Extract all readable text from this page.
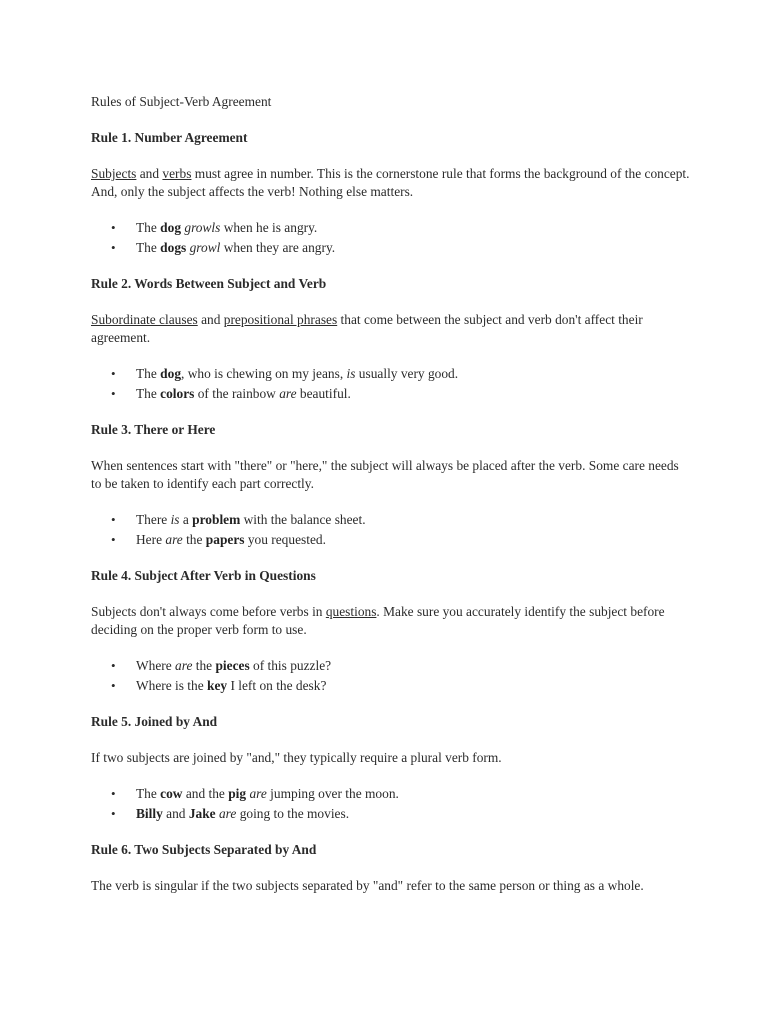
Rules of Subject-Verb Agreement
Rule 1. Number Agreement
Subjects and verbs must agree in number. This is the cornerstone rule that forms the background of the concept. And, only the subject affects the verb! Nothing else matters.
• The dog growls when he is angry.
• The dogs growl when they are angry.
Rule 2. Words Between Subject and Verb
Subordinate clauses and prepositional phrases that come between the subject and verb don't affect their agreement.
• The dog, who is chewing on my jeans, is usually very good.
• The colors of the rainbow are beautiful.
Rule 3. There or Here
When sentences start with "there" or "here," the subject will always be placed after the verb. Some care needs to be taken to identify each part correctly.
• There is a problem with the balance sheet.
• Here are the papers you requested.
Rule 4. Subject After Verb in Questions
Subjects don't always come before verbs in questions. Make sure you accurately identify the subject before deciding on the proper verb form to use.
• Where are the pieces of this puzzle?
• Where is the key I left on the desk?
Rule 5. Joined by And
If two subjects are joined by "and," they typically require a plural verb form.
• The cow and the pig are jumping over the moon.
• Billy and Jake are going to the movies.
Rule 6. Two Subjects Separated by And
The verb is singular if the two subjects separated by "and" refer to the same person or thing as a whole.
